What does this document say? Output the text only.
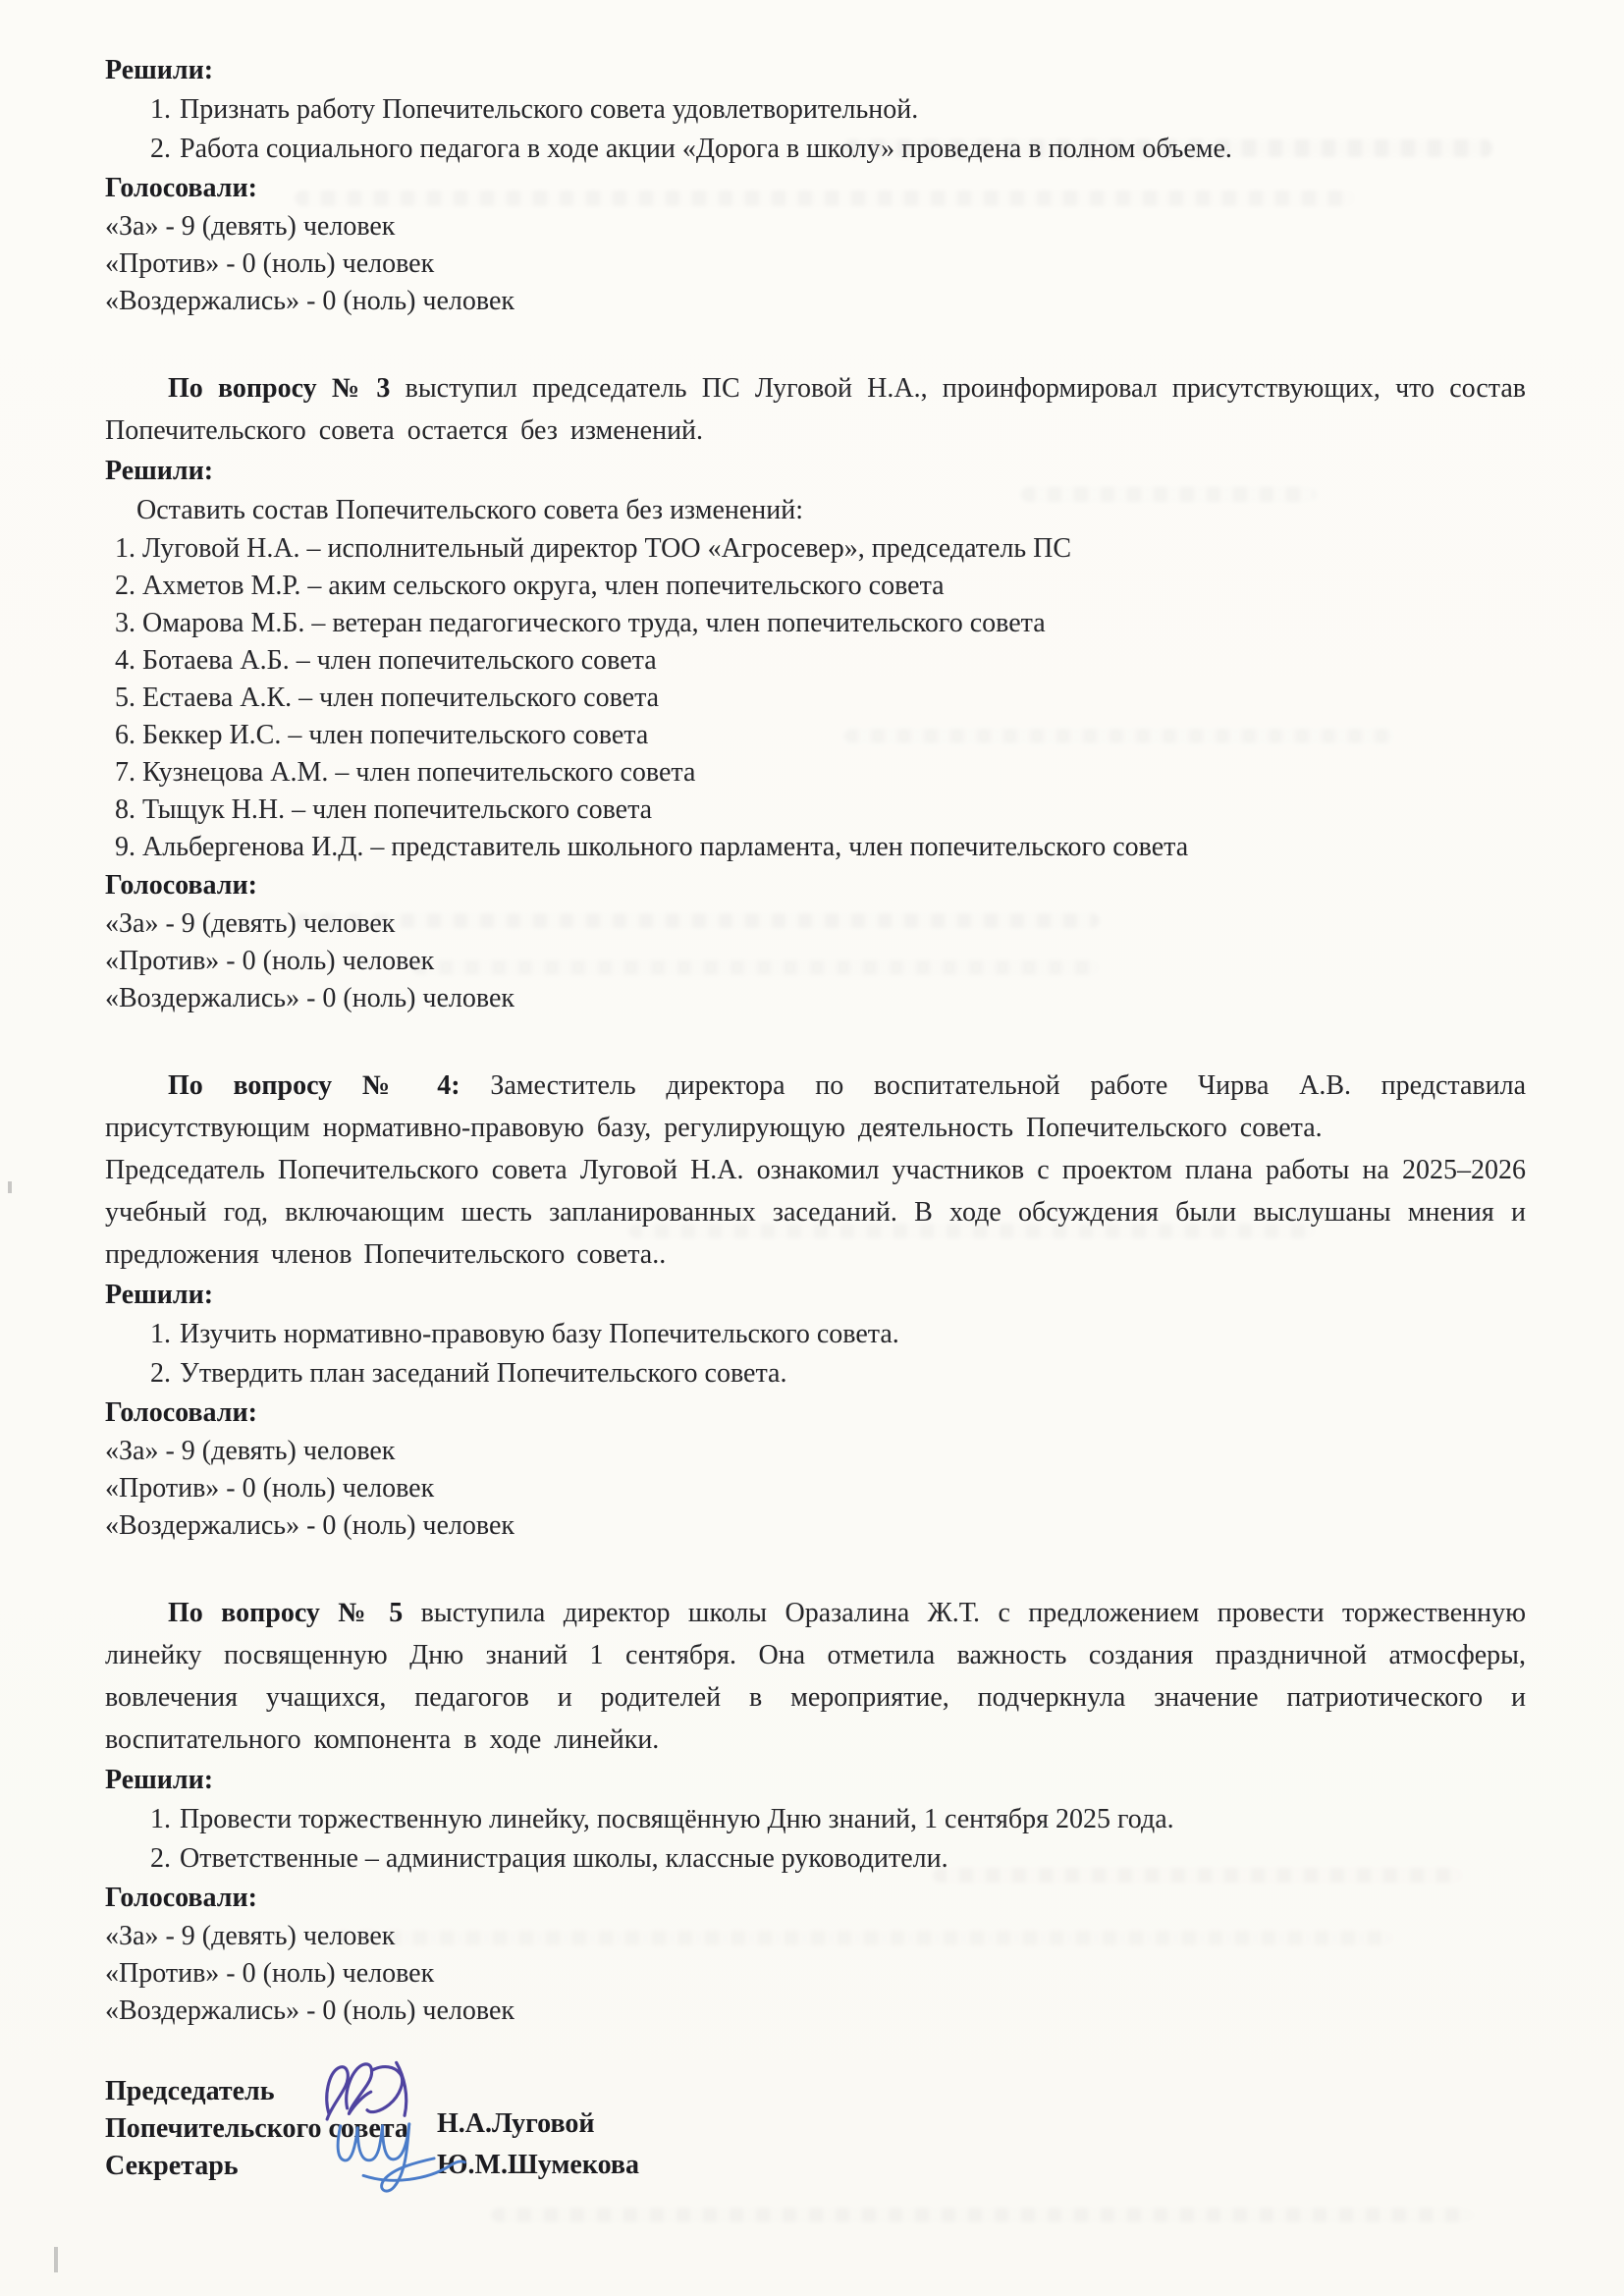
Решили:

Признать работу Попечительского совета удовлетворительной.
Работа социального педагога в ходе акции «Дорога в школу» проведена в полном объеме.

Голосовали:

«За» - 9 (девять) человек

«Против» - 0 (ноль) человек

«Воздержались» - 0 (ноль) человек

По вопросу № 3 выступил председатель ПС Луговой Н.А., проинформировал присутствующих, что состав Попечительского совета остается без изменений.

Решили:

Оставить состав Попечительского совета без изменений:

Луговой Н.А. – исполнительный директор ТОО «Агросевер», председатель ПС
Ахметов М.Р. – аким сельского округа, член попечительского совета
Омарова М.Б. – ветеран педагогического труда, член попечительского совета
Ботаева А.Б. – член попечительского совета
Естаева А.К. – член попечительского совета
Беккер И.С. – член попечительского совета
Кузнецова А.М. – член попечительского совета
Тыщук Н.Н. – член попечительского совета
Альбергенова И.Д. – представитель школьного парламента, член попечительского совета

Голосовали:

«За» - 9 (девять) человек

«Против» - 0 (ноль) человек

«Воздержались» - 0 (ноль) человек

По вопросу № 4: Заместитель директора по воспитательной работе Чирва А.В. представила присутствующим нормативно-правовую базу, регулирующую деятельность Попечительского совета.

Председатель Попечительского совета Луговой Н.А. ознакомил участников с проектом плана работы на 2025–2026 учебный год, включающим шесть запланированных заседаний. В ходе обсуждения были выслушаны мнения и предложения членов Попечительского совета..

Решили:

Изучить нормативно-правовую базу Попечительского совета.
Утвердить план заседаний Попечительского совета.

Голосовали:

«За» - 9 (девять) человек

«Против» - 0 (ноль) человек

«Воздержались» - 0 (ноль) человек

По вопросу № 5 выступила директор школы Оразалина Ж.Т. с предложением провести торжественную линейку посвященную Дню знаний 1 сентября. Она отметила важность создания праздничной атмосферы, вовлечения учащихся, педагогов и родителей в мероприятие, подчеркнула значение патриотического и воспитательного компонента в ходе линейки.

Решили:

Провести торжественную линейку, посвящённую Дню знаний, 1 сентября 2025 года.
Ответственные – администрация школы, классные руководители.

Голосовали:

«За» - 9 (девять) человек

«Против» - 0 (ноль) человек

«Воздержались» - 0 (ноль) человек

Председатель

Попечительского совета

Секретарь

Н.А.Луговой
Ю.М.Шумекова
